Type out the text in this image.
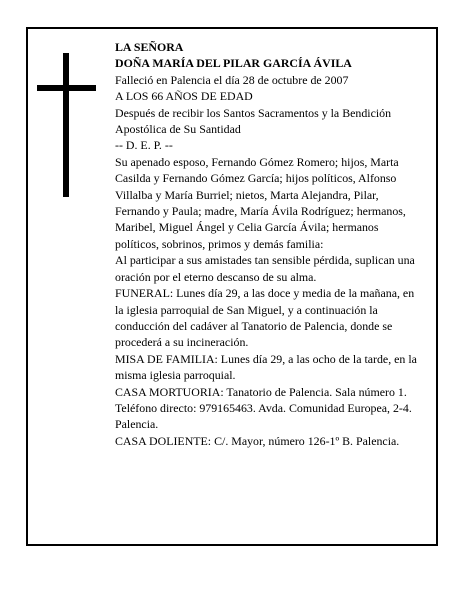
LA SEÑORA

DOÑA MARÍA DEL PILAR GARCÍA ÁVILA

Falleció en Palencia el día 28 de octubre de 2007

A LOS 66 AÑOS DE EDAD

Después de recibir los Santos Sacramentos y la Bendición Apostólica de Su Santidad

-- D. E. P. --

Su apenado esposo, Fernando Gómez Romero; hijos, Marta Casilda y Fernando Gómez García; hijos políticos, Alfonso Villalba y María Burriel; nietos, Marta Alejandra, Pilar, Fernando y Paula; madre, María Ávila Rodríguez; hermanos, Maribel, Miguel Ángel y Celia García Ávila; hermanos políticos, sobrinos, primos y demás familia:

Al participar a sus amistades tan sensible pérdida, suplican una oración por el eterno descanso de su alma.

FUNERAL: Lunes día 29, a las doce y media de la mañana, en la iglesia parroquial de San Miguel, y a continuación la conducción del cadáver al Tanatorio de Palencia, donde se procederá a su incineración.

MISA DE FAMILIA: Lunes día 29, a las ocho de la tarde, en la misma iglesia parroquial.

CASA MORTUORIA: Tanatorio de Palencia. Sala número 1. Teléfono directo: 979165463. Avda. Comunidad Europea, 2-4. Palencia.

CASA DOLIENTE: C/. Mayor, número 126-1º B. Palencia.
